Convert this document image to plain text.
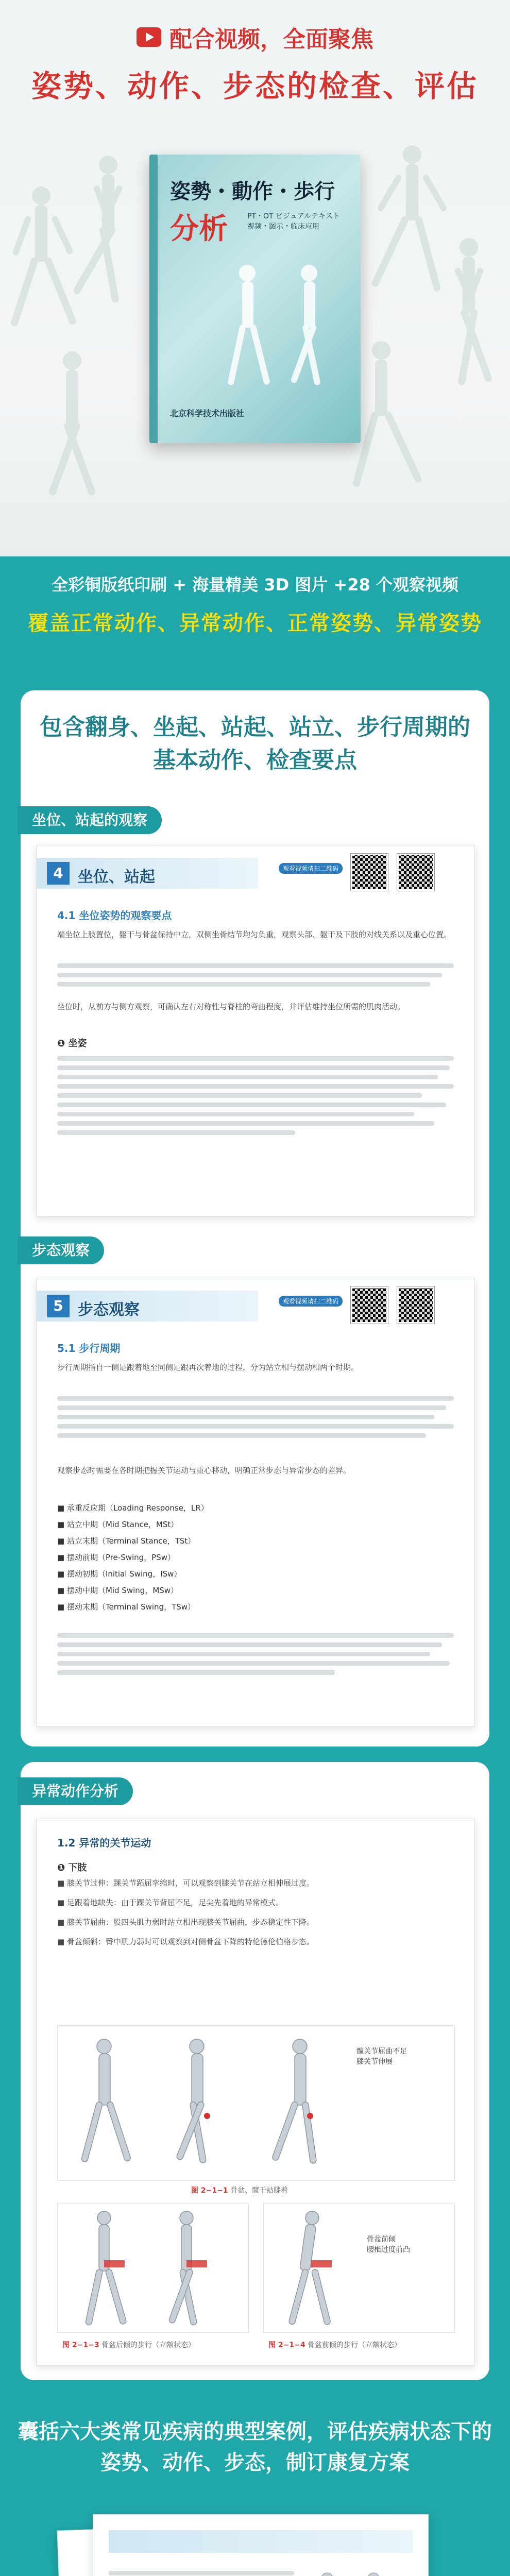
配合视频，全面聚焦
姿势、动作、步态的检查、评估
姿勢・動作・歩行
分析	PT・OT ビジュアルテキスト
视频・图示・临床应用
北京科学技术出版社
全彩铜版纸印刷 + 海量精美 3D 图片 +28 个观察视频
覆盖正常动作、异常动作、正常姿势、异常姿势
包含翻身、坐起、站起、站立、步行周期的
基本动作、检查要点
坐位、站起的观察
4 坐位、站起	观看视频请扫二维码
4.1 坐位姿势的观察要点
端坐位上肢置位，躯干与骨盆保持中立，双侧坐骨结节均匀负重，观察头部、躯干及下肢的对线关系以及重心位置。
坐位时，从前方与侧方观察，可确认左右对称性与脊柱的弯曲程度，并评估维持坐位所需的肌肉活动。
❶ 坐姿
步态观察
5 步态观察	观看视频请扫二维码
5.1 步行周期
步行周期指自一侧足跟着地至同侧足跟再次着地的过程，分为站立相与摆动相两个时期。
观察步态时需要在各时期把握关节运动与重心移动，明确正常步态与异常步态的差异。
■ 承重反应期（Loading Response，LR）
■ 站立中期（Mid Stance，MSt）
■ 站立末期（Terminal Stance，TSt）
■ 摆动前期（Pre-Swing，PSw）
■ 摆动初期（Initial Swing，ISw）
■ 摆动中期（Mid Swing，MSw）
■ 摆动末期（Terminal Swing，TSw）
异常动作分析
1.2 异常的关节运动
❶ 下肢
■ 膝关节过伸：踝关节跖屈挛缩时，可以观察到膝关节在站立相伸展过度。
■ 足跟着地缺失：由于踝关节背屈不足，足尖先着地的异常模式。
■ 膝关节屈曲：股四头肌力弱时站立相出现膝关节屈曲，步态稳定性下降。
■ 骨盆倾斜：臀中肌力弱时可以观察到对侧骨盆下降的特伦德伦伯格步态。
髋关节屈曲不足
膝关节伸展
图 2−1−1 骨盆、髋于站膝着
骨盆前倾
腰椎过度前凸
图 2−1−3 骨盆后倾的步行（立额状态）	图 2−1−4 骨盆前倾的步行（立额状态）
囊括六大类常见疾病的典型案例，评估疾病状态下的
姿势、动作、步态，制订康复方案
